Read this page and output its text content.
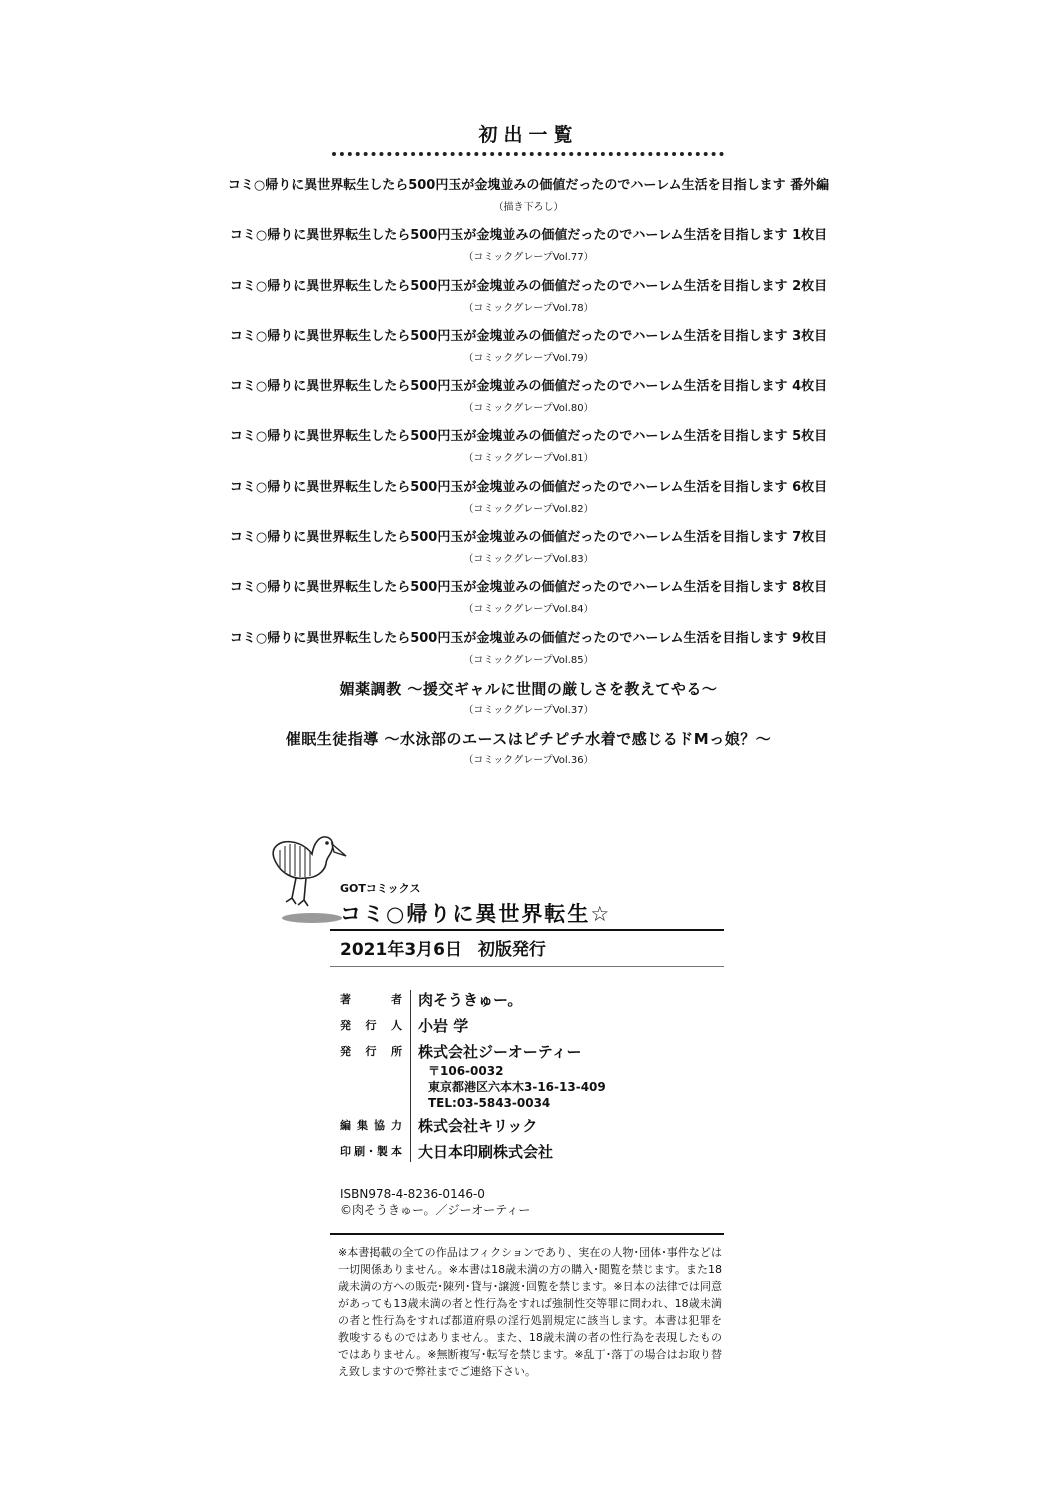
初出一覧
コミ○帰りに異世界転生したら500円玉が金塊並みの価値だったのでハーレム生活を目指します 番外編
（描き下ろし）
コミ○帰りに異世界転生したら500円玉が金塊並みの価値だったのでハーレム生活を目指します 1枚目
（コミックグレープVol.77）
コミ○帰りに異世界転生したら500円玉が金塊並みの価値だったのでハーレム生活を目指します 2枚目
（コミックグレープVol.78）
コミ○帰りに異世界転生したら500円玉が金塊並みの価値だったのでハーレム生活を目指します 3枚目
（コミックグレープVol.79）
コミ○帰りに異世界転生したら500円玉が金塊並みの価値だったのでハーレム生活を目指します 4枚目
（コミックグレープVol.80）
コミ○帰りに異世界転生したら500円玉が金塊並みの価値だったのでハーレム生活を目指します 5枚目
（コミックグレープVol.81）
コミ○帰りに異世界転生したら500円玉が金塊並みの価値だったのでハーレム生活を目指します 6枚目
（コミックグレープVol.82）
コミ○帰りに異世界転生したら500円玉が金塊並みの価値だったのでハーレム生活を目指します 7枚目
（コミックグレープVol.83）
コミ○帰りに異世界転生したら500円玉が金塊並みの価値だったのでハーレム生活を目指します 8枚目
（コミックグレープVol.84）
コミ○帰りに異世界転生したら500円玉が金塊並みの価値だったのでハーレム生活を目指します 9枚目
（コミックグレープVol.85）
媚薬調教 〜援交ギャルに世間の厳しさを教えてやる〜
（コミックグレープVol.37）
催眠生徒指導 〜水泳部のエースはピチピチ水着で感じるドMっ娘？〜
（コミックグレープVol.36）
GOTコミックス
コミ○帰りに異世界転生☆
2021年3月6日 初版発行
著者 肉そうきゅー。
発行人 小岩 学
発行所 株式会社ジーオーティー
〒106-0032
東京都港区六本木3-16-13-409
TEL:03-5843-0034
編集協力 株式会社キリック
印刷･製本 大日本印刷株式会社
ISBN978-4-8236-0146-0
©肉そうきゅー。／ジーオーティー
※本書掲載の全ての作品はフィクションであり、実在の人物･団体･事件などは一切関係ありません。※本書は18歳未満の方の購入･閲覧を禁じます。また18歳未満の方への販売･陳列･貸与･譲渡･回覧を禁じます。※日本の法律では同意があっても13歳未満の者と性行為をすれば強制性交等罪に問われ、18歳未満の者と性行為をすれば都道府県の淫行処罰規定に該当します。本書は犯罪を教唆するものではありません。また、18歳未満の者の性行為を表現したものではありません。※無断複写･転写を禁じます。※乱丁･落丁の場合はお取り替え致しますので弊社までご連絡下さい。
